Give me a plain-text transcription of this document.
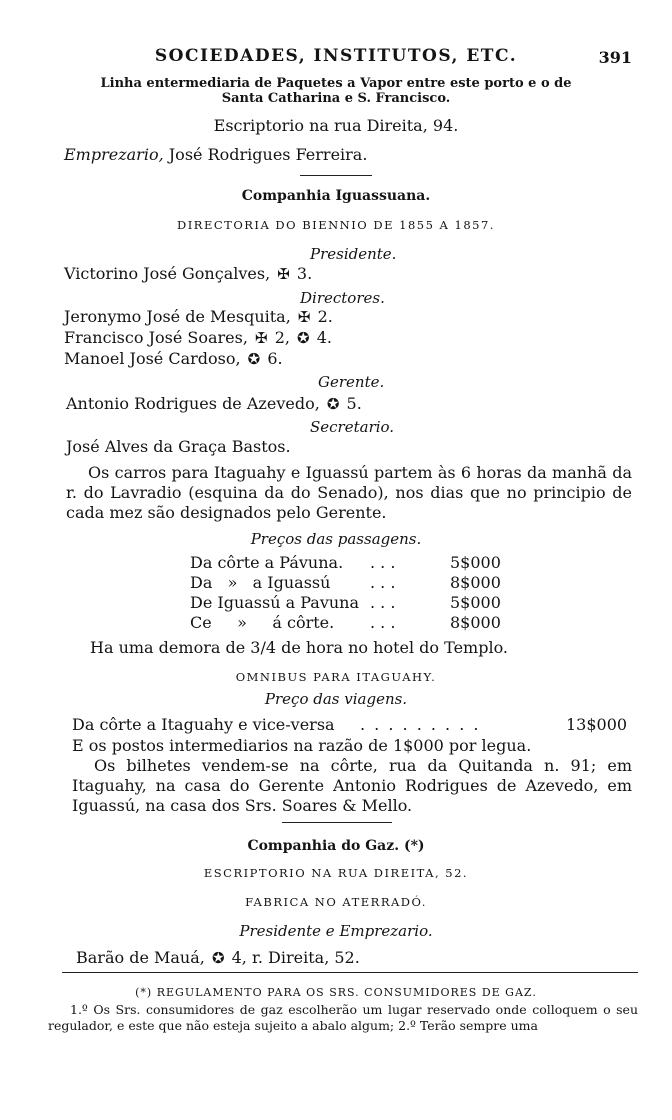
SOCIEDADES, INSTITUTOS, ETC.	391
Linha entermediaria de Paquetes a Vapor entre este porto e o de
Santa Catharina e S. Francisco.
Escriptorio na rua Direita, 94.
Emprezario, José Rodrigues Ferreira.
Companhia Iguassuana.
DIRECTORIA DO BIENNIO DE 1855 A 1857.
Presidente.
Victorino José Gonçalves, ✠ 3.
Directores.
Jeronymo José de Mesquita, ✠ 2.
Francisco José Soares, ✠ 2, ✪ 4.
Manoel José Cardoso, ✪ 6.
Gerente.
Antonio Rodrigues de Azevedo, ✪ 5.
Secretario.
José Alves da Graça Bastos.
Os carros para Itaguahy e Iguassú partem às 6 horas da manhã da r. do Lavradio (esquina da do Senado), nos dias que no principio de cada mez são designados pelo Gerente.
Preços das passagens.
Da côrte a Pávuna. . . .	5$000
Da   »   a Iguassú . . .	8$000
De Iguassú a Pavuna . . .	5$000
Ce     »     á côrte. . . .	8$000
Ha uma demora de 3/4 de hora no hotel do Templo.
OMNIBUS PARA ITAGUAHY.
Preço das viagens.
Da côrte a Itaguahy e vice-versa . . . . . . . . .	13$000
E os postos intermediarios na razão de 1$000 por legua.
Os bilhetes vendem-se na côrte, rua da Quitanda n. 91; em Itaguahy, na casa do Gerente Antonio Rodrigues de Azevedo, em Iguassú, na casa dos Srs. Soares & Mello.
Companhia do Gaz. (*)
ESCRIPTORIO NA RUA DIREITA, 52.
FABRICA NO ATERRADÓ.
Presidente e Emprezario.
Barão de Mauá, ✪ 4, r. Direita, 52.
(*) REGULAMENTO PARA OS SRS. CONSUMIDORES DE GAZ.
1.º Os Srs. consumidores de gaz escolherão um lugar reservado onde colloquem o seu regulador, e este que não esteja sujeito a abalo algum; 2.º Terão sempre uma
